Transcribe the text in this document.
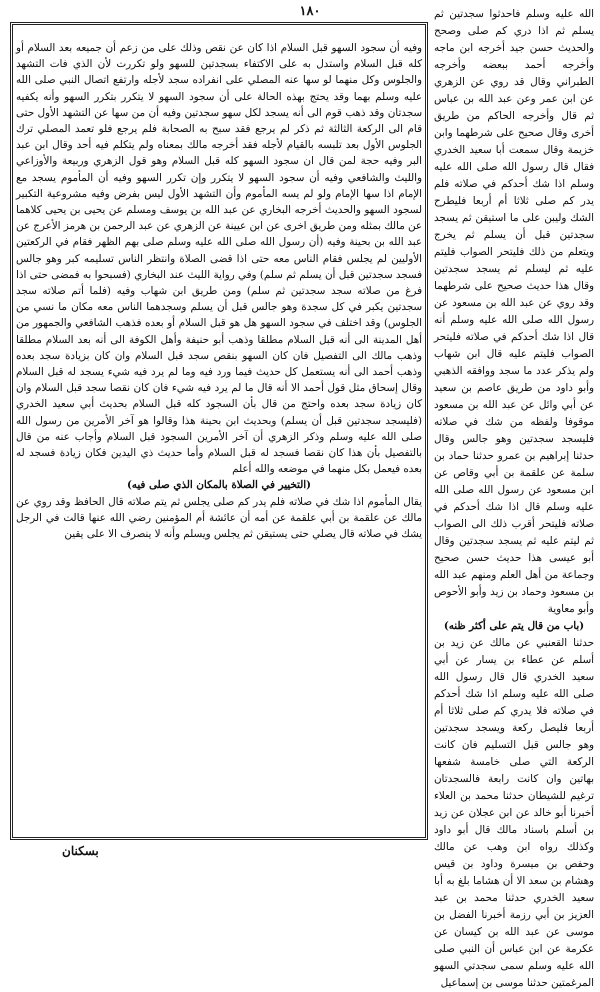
١٨٠	الله عليه وسلم فاحدثوا سجدتين ثم يسلم ثم اذا دري كم صلى وصحح والحديث حسن جيد أخرجه ابن ماجه وأخرجه أحمد ببعضه وأخرجه الطبراني وقال قد روي عن الزهري عن ابن عمر وعن عبد الله بن عباس ثم قال وأخرجه الحاكم من طريق أخرى وقال صحيح على شرطهما وابن خزيمة وقال سمعت أبا سعيد الخدري فقال قال رسول الله صلى الله عليه وسلم اذا شك أحدكم في صلاته فلم يدر كم صلى ثلاثا أم أربعا فليطرح الشك وليبن على ما استيقن ثم يسجد سجدتين قبل أن يسلم ثم يخرج ويتعلم من ذلك فليتحر الصواب فليتم عليه ثم ليسلم ثم يسجد سجدتين وقال هذا حديث صحيح على شرطهما وقد روي عن عبد الله بن مسعود عن رسول الله صلى الله عليه وسلم أنه قال اذا شك أحدكم في صلاته فليتحر الصواب فليتم عليه قال ابن شهاب ولم يذكر عدد ما سجد ووافقه الذهبي وأبو داود من طريق عاصم بن سعيد عن أبي وائل عن عبد الله بن مسعود موقوفا ولفظه من شك في صلاته فليسجد سجدتين وهو جالس وقال حدثنا إبراهيم بن عمرو حدثنا حماد بن سلمة عن علقمة بن أبي وقاص عن ابن مسعود عن رسول الله صلى الله عليه وسلم قال اذا شك أحدكم في صلاته فليتحر أقرب ذلك الى الصواب ثم ليتم عليه ثم يسجد سجدتين وقال أبو عيسى هذا حديث حسن صحيح وجماعة من أهل العلم ومنهم عبد الله بن مسعود وحماد بن زيد وأبو الأحوص وأبو معاوية

(باب من قال يتم على أكثر ظنه)

حدثنا القعنبي عن مالك عن زيد بن أسلم عن عطاء بن يسار عن أبي سعيد الخدري قال قال رسول الله صلى الله عليه وسلم اذا شك أحدكم في صلاته فلا يدري كم صلى ثلاثا أم أربعا فليصل ركعة ويسجد سجدتين وهو جالس قبل التسليم فان كانت الركعة التي صلى خامسة شفعها بهاتين وان كانت رابعة فالسجدتان ترغيم للشيطان حدثنا محمد بن العلاء أخبرنا أبو خالد عن ابن عجلان عن زيد بن أسلم باسناد مالك قال أبو داود وكذلك رواه ابن وهب عن مالك وحفص بن ميسرة وداود بن قيس وهشام بن سعد الا أن هشاما بلغ به أبا سعيد الخدري حدثنا محمد بن عبد العزيز بن أبي رزمة أخبرنا الفضل بن موسى عن عبد الله بن كيسان عن عكرمة عن ابن عباس أن النبي صلى الله عليه وسلم سمى سجدتي السهو المرغمتين حدثنا موسى بن إسماعيل

وفيه أن سجود السهو قبل السلام اذا كان عن نقص وذلك على من زعم أن جميعه بعد السلام أو كله قبل السلام واستدل به على الاكتفاء بسجدتين للسهو ولو تكررت لأن الذي فات التشهد والجلوس وكل منهما لو سها عنه المصلي على انفراده سجد لأجله وارتفع اتصال النبي صلى الله عليه وسلم بهما وقد يحتج بهذه الحالة على أن سجود السهو لا يتكرر بتكرر السهو وأنه يكفيه سجدتان وقد ذهب قوم الى أنه يسجد لكل سهو سجدتين وفيه أن من سها عن التشهد الأول حتى قام الى الركعة الثالثة ثم ذكر لم يرجع فقد سبح به الصحابة فلم يرجع فلو تعمد المصلي ترك الجلوس الأول بعد تلبسه بالقيام لأجله فقد أخرجه مالك بمعناه ولم يتكلم فيه أحد وقال ابن عبد البر وفيه حجة لمن قال ان سجود السهو كله قبل السلام وهو قول الزهري وربيعة والأوزاعي والليث والشافعي وفيه أن سجود السهو لا يتكرر وإن تكرر السهو وفيه أن المأموم يسجد مع الإمام اذا سها الإمام ولو لم يسه المأموم وأن التشهد الأول ليس بفرض وفيه مشروعية التكبير لسجود السهو والحديث أخرجه البخاري عن عبد الله بن يوسف ومسلم عن يحيى بن يحيى كلاهما عن مالك بمثله ومن طريق اخرى عن ابن عيينة عن الزهري عن عبد الرحمن بن هرمز الأعرج عن عبد الله بن بحينة وفيه (أن رسول الله صلى الله عليه وسلم صلى بهم الظهر فقام في الركعتين الأوليين لم يجلس فقام الناس معه حتى اذا قضى الصلاة وانتظر الناس تسليمه كبر وهو جالس فسجد سجدتين قبل أن يسلم ثم سلم) وفي رواية الليث عند البخاري (فسبحوا به فمضى حتى اذا فرغ من صلاته سجد سجدتين ثم سلم) ومن طريق ابن شهاب وفيه (فلما أتم صلاته سجد سجدتين يكبر في كل سجدة وهو جالس قبل أن يسلم وسجدهما الناس معه مكان ما نسي من الجلوس) وقد اختلف في سجود السهو هل هو قبل السلام أو بعده فذهب الشافعي والجمهور من أهل المدينة الى أنه قبل السلام مطلقا وذهب أبو حنيفة وأهل الكوفة الى أنه بعد السلام مطلقا وذهب مالك الى التفصيل فان كان السهو بنقص سجد قبل السلام وان كان بزيادة سجد بعده وذهب أحمد الى أنه يستعمل كل حديث فيما ورد فيه وما لم يرد فيه شيء يسجد له قبل السلام وقال إسحاق مثل قول أحمد الا أنه قال ما لم يرد فيه شيء فان كان نقصا سجد قبل السلام وان كان زيادة سجد بعده واحتج من قال بأن السجود كله قبل السلام بحديث أبي سعيد الخدري (فليسجد سجدتين قبل أن يسلم) وبحديث ابن بحينة هذا وقالوا هو آخر الأمرين من رسول الله صلى الله عليه وسلم وذكر الزهري أن آخر الأمرين السجود قبل السلام وأجاب عنه من قال بالتفصيل بأن هذا كان نقصا فسجد له قبل السلام وأما حديث ذي اليدين فكان زيادة فسجد له بعده فيعمل بكل منهما في موضعه والله أعلم

(التخيير في الصلاة بالمكان الذي صلى فيه)

يقال المأموم اذا شك في صلاته فلم يدر كم صلى يجلس ثم يتم صلاته قال الحافظ وقد روي عن مالك عن علقمة بن أبي علقمة عن أمه أن عائشة أم المؤمنين رضي الله عنها قالت في الرجل يشك في صلاته قال يصلي حتى يستيقن ثم يجلس ويسلم وأنه لا ينصرف الا على يقين

بسكنان
